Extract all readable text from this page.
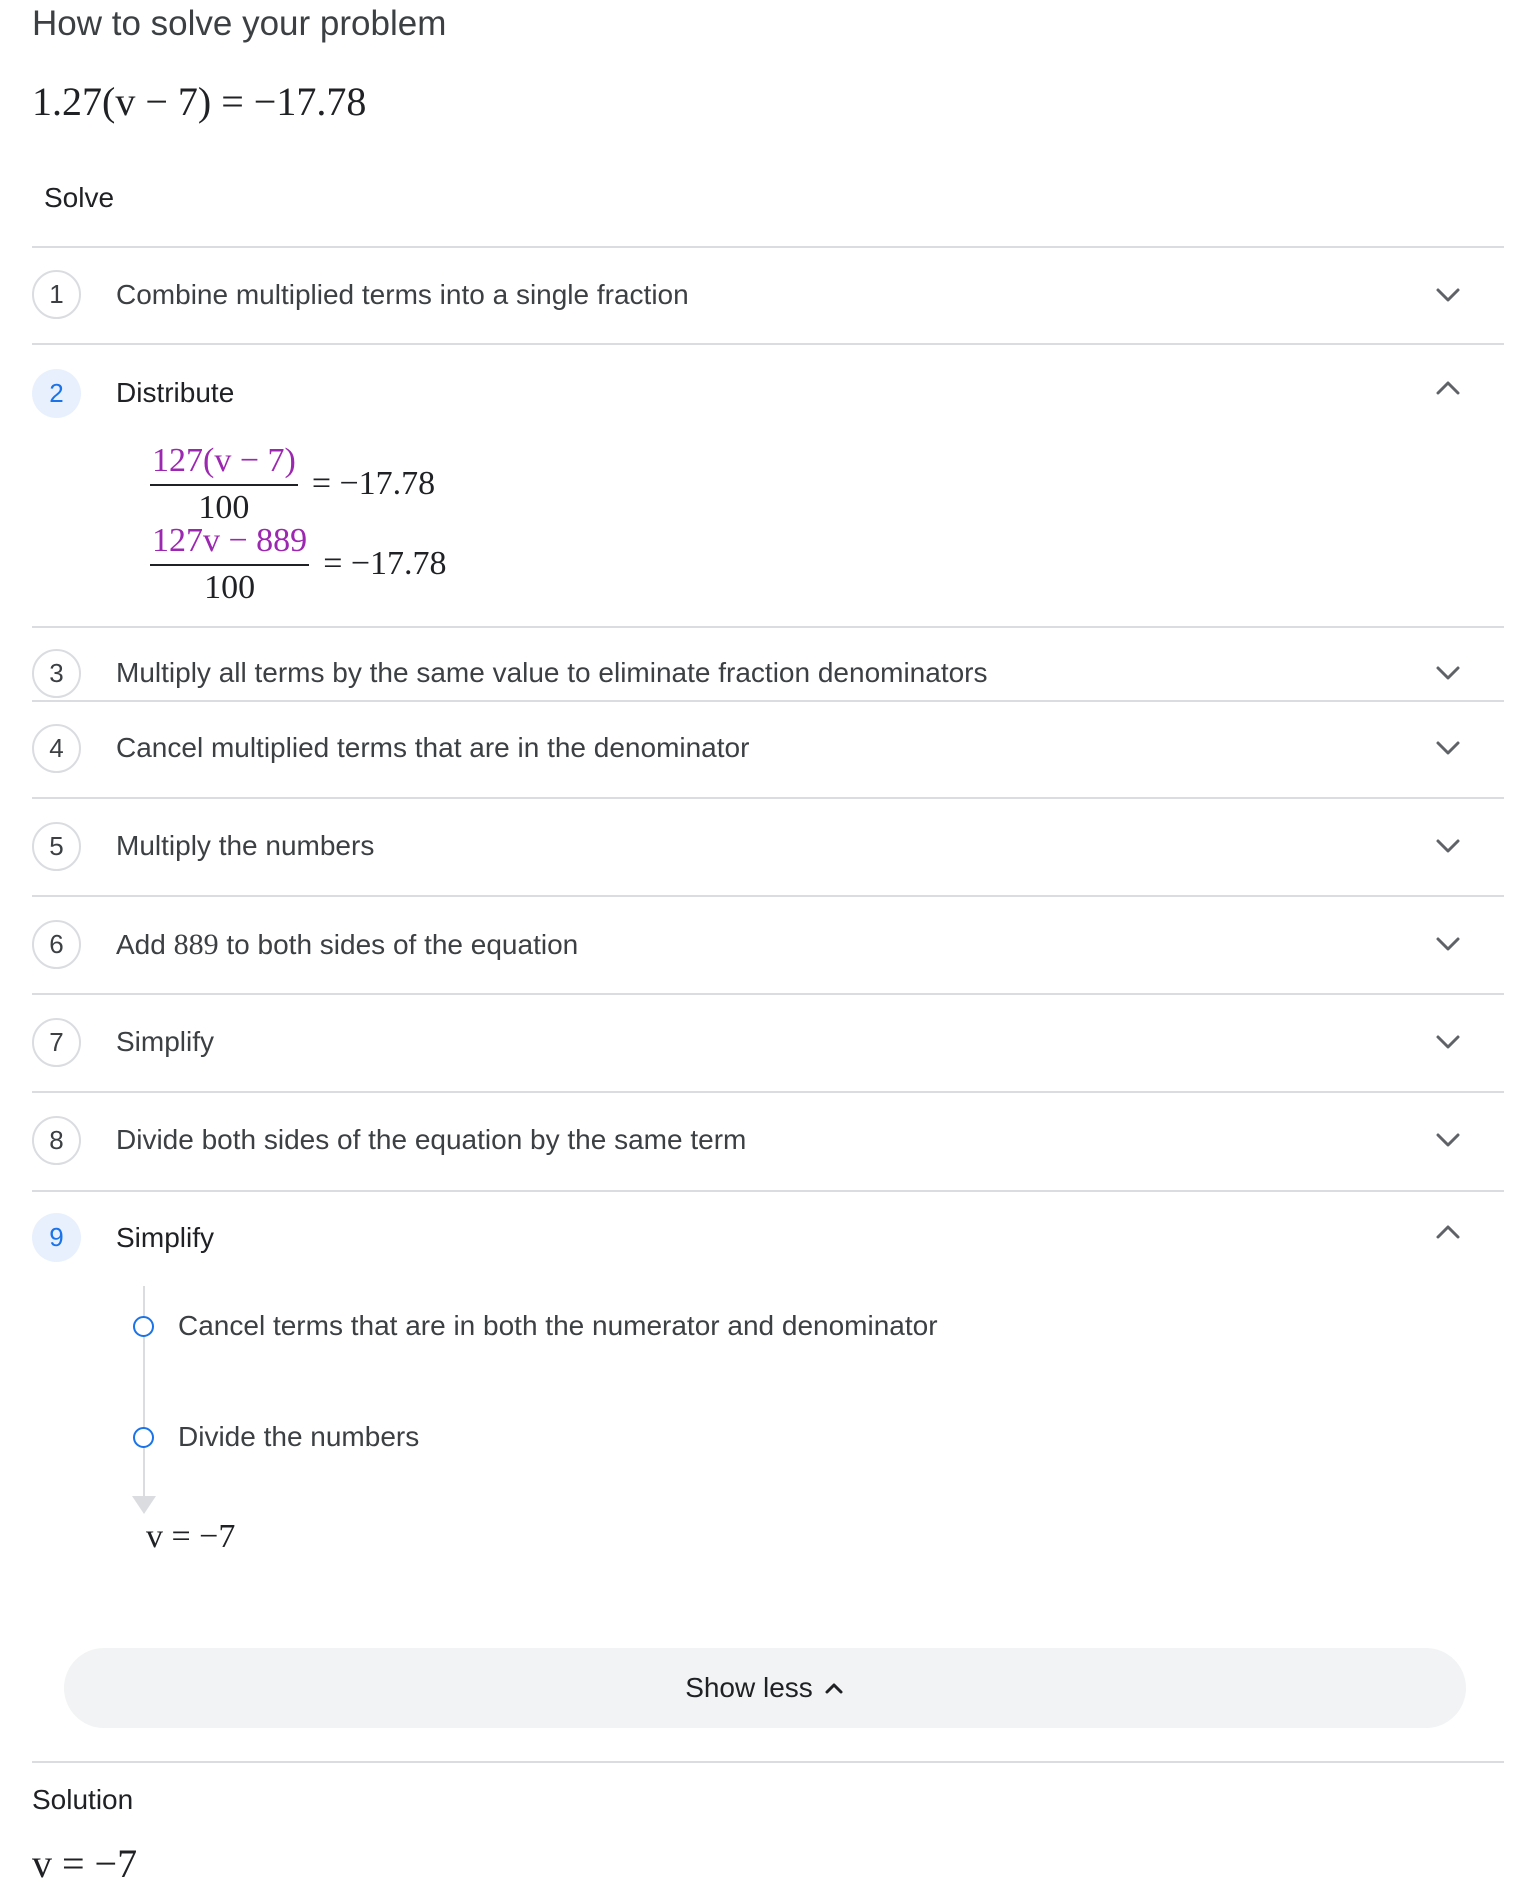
How to solve your problem
1.27(v − 7) = −17.78
Solve
1	Combine multiplied terms into a single fraction
2	Distribute
$\frac{127(v - 7)}{100} = -17.78$
$\frac{127v - 889}{100} = -17.78$
3	Multiply all terms by the same value to eliminate fraction denominators
4	Cancel multiplied terms that are in the denominator
5	Multiply the numbers
6	Add 889 to both sides of the equation
7	Simplify
8	Divide both sides of the equation by the same term
9	Simplify
Cancel terms that are in both the numerator and denominator
Divide the numbers
v = −7
Show less
Solution
v = −7
